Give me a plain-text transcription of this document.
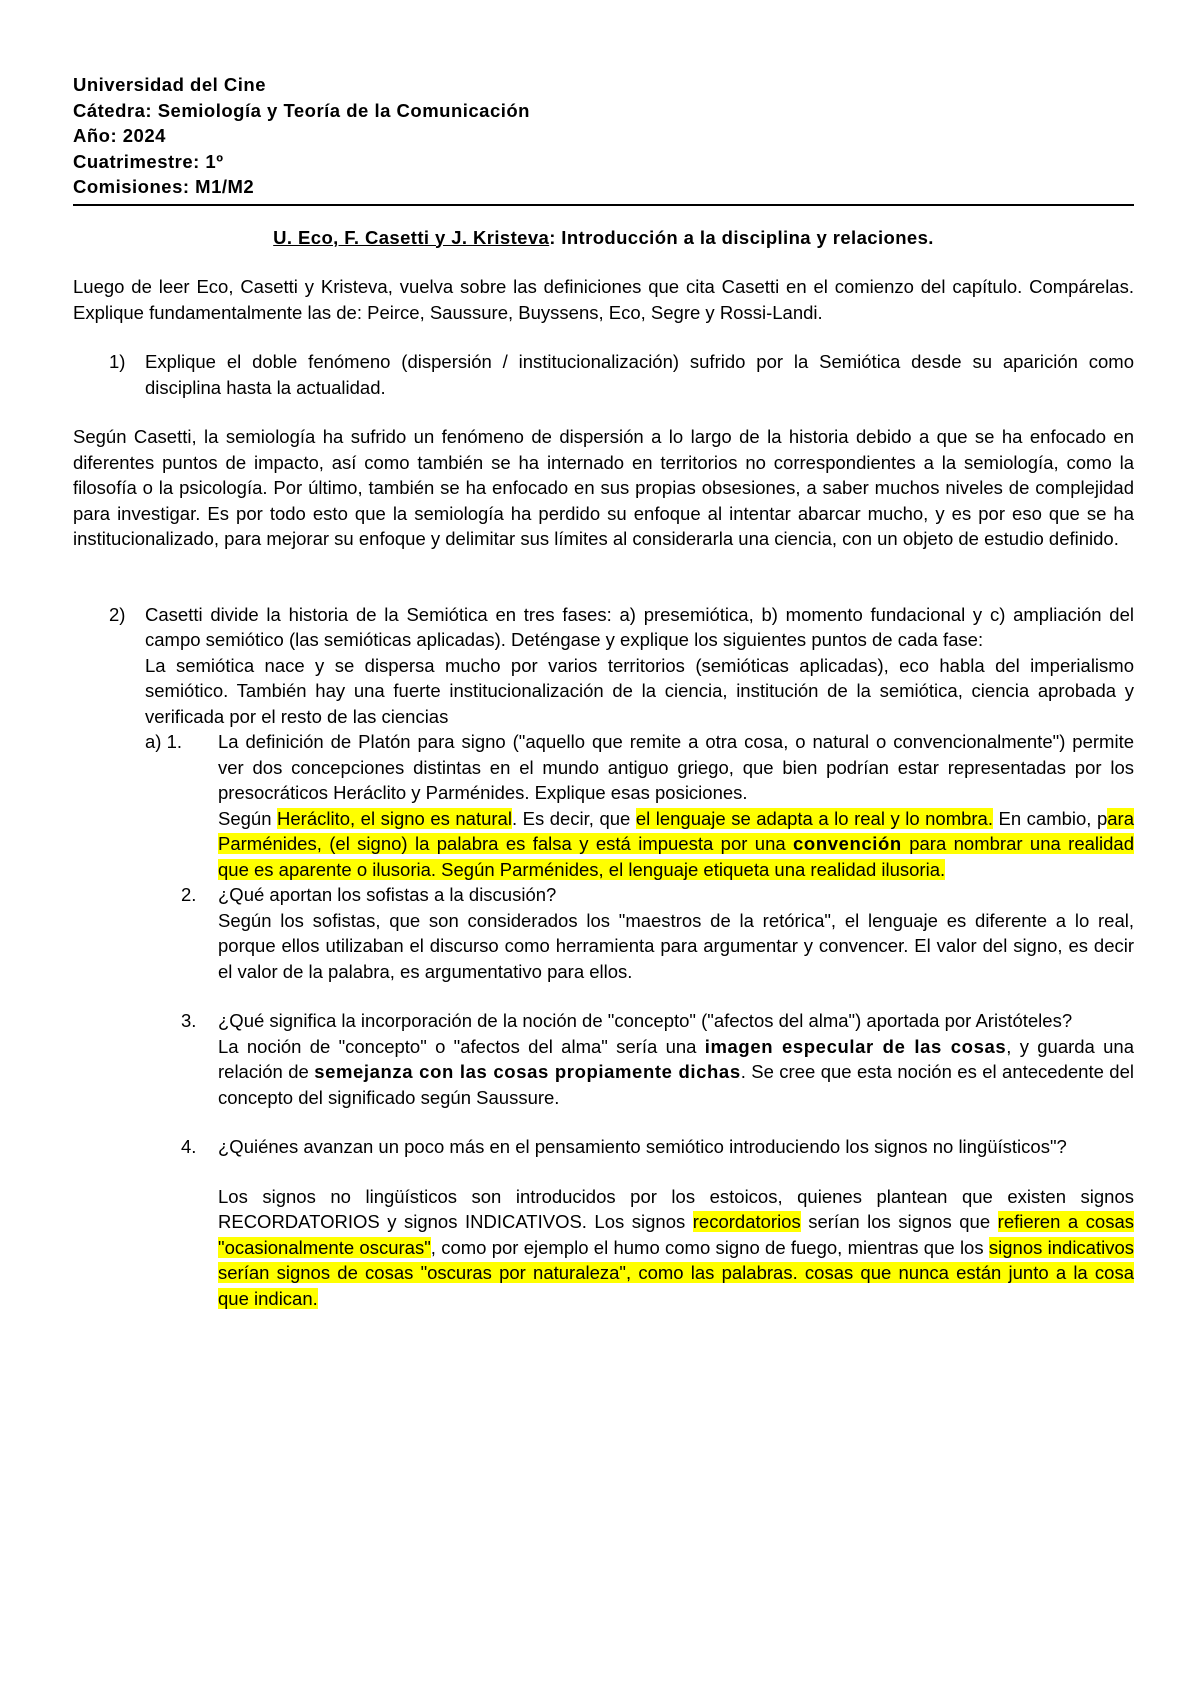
Universidad del Cine
Cátedra: Semiología y Teoría de la Comunicación
Año: 2024
Cuatrimestre: 1º
Comisiones: M1/M2
U. Eco, F. Casetti y J. Kristeva: Introducción a la disciplina y relaciones.

Luego de leer Eco, Casetti y Kristeva, vuelva sobre las definiciones que cita Casetti en el comienzo del capítulo. Compárelas. Explique fundamentalmente las de: Peirce, Saussure, Buyssens, Eco, Segre y Rossi-Landi.

1)	Explique el doble fenómeno (dispersión / institucionalización) sufrido por la Semiótica desde su aparición como disciplina hasta la actualidad.

Según Casetti, la semiología ha sufrido un fenómeno de dispersión a lo largo de la historia debido a que se ha enfocado en diferentes puntos de impacto, así como también se ha internado en territorios no correspondientes a la semiología, como la filosofía o la psicología. Por último, también se ha enfocado en sus propias obsesiones, a saber muchos niveles de complejidad para investigar. Es por todo esto que la semiología ha perdido su enfoque al intentar abarcar mucho, y es por eso que se ha institucionalizado, para mejorar su enfoque y delimitar sus límites al considerarla una ciencia, con un objeto de estudio definido.

2)	Casetti divide la historia de la Semiótica en tres fases: a) presemiótica, b) momento fundacional y c) ampliación del campo semiótico (las semióticas aplicadas). Deténgase y explique los siguientes puntos de cada fase:

La semiótica nace y se dispersa mucho por varios territorios (semióticas aplicadas), eco habla del imperialismo semiótico. También hay una fuerte institucionalización de la ciencia, institución de la semiótica, ciencia aprobada y verificada por el resto de las ciencias

a) 1.	La definición de Platón para signo ("aquello que remite a otra cosa, o natural o convencionalmente") permite ver dos concepciones distintas en el mundo antiguo griego, que bien podrían estar representadas por los presocráticos Heráclito y Parménides. Explique esas posiciones.

Según Heráclito, el signo es natural. Es decir, que el lenguaje se adapta a lo real y lo nombra. En cambio, para Parménides, (el signo) la palabra es falsa y está impuesta por una convención para nombrar una realidad que es aparente o ilusoria. Según Parménides, el lenguaje etiqueta una realidad ilusoria.

2.	¿Qué aportan los sofistas a la discusión?

Según los sofistas, que son considerados los "maestros de la retórica", el lenguaje es diferente a lo real, porque ellos utilizaban el discurso como herramienta para argumentar y convencer. El valor del signo, es decir el valor de la palabra, es argumentativo para ellos.

3.	¿Qué significa la incorporación de la noción de "concepto" ("afectos del alma") aportada por Aristóteles?

La noción de "concepto" o "afectos del alma" sería una imagen especular de las cosas, y guarda una relación de semejanza con las cosas propiamente dichas. Se cree que esta noción es el antecedente del concepto del significado según Saussure.

4.	¿Quiénes avanzan un poco más en el pensamiento semiótico introduciendo los signos no lingüísticos"?

Los signos no lingüísticos son introducidos por los estoicos, quienes plantean que existen signos RECORDATORIOS y signos INDICATIVOS. Los signos recordatorios serían los signos que refieren a cosas "ocasionalmente oscuras", como por ejemplo el humo como signo de fuego, mientras que los signos indicativos serían signos de cosas "oscuras por naturaleza", como las palabras. cosas que nunca están junto a la cosa que indican.
